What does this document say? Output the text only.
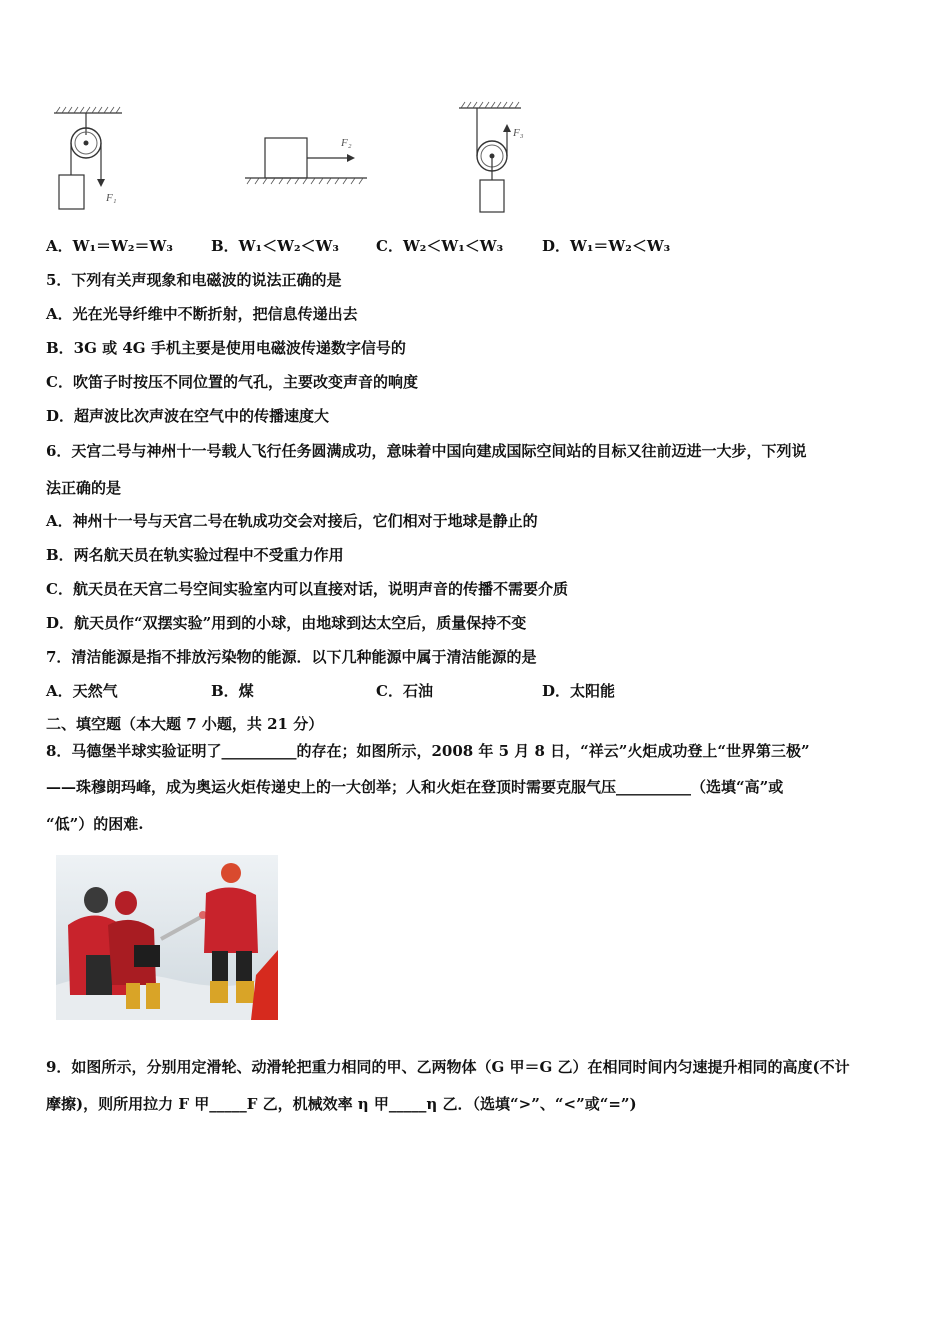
F₁
F₂
F₃
A．W₁＝W₂＝W₃	B．W₁＜W₂＜W₃ C．W₂＜W₁＜W₃	D．W₁＝W₂＜W₃
5．下列有关声现象和电磁波的说法正确的是
A．光在光导纤维中不断折射，把信息传递出去
B．3G 或 4G 手机主要是使用电磁波传递数字信号的
C．吹笛子时按压不同位置的气孔，主要改变声音的响度
D．超声波比次声波在空气中的传播速度大
6．天宫二号与神州十一号载人飞行任务圆满成功，意味着中国向建成国际空间站的目标又往前迈进一大步，下列说
法正确的是
A．神州十一号与天宫二号在轨成功交会对接后，它们相对于地球是静止的
B．两名航天员在轨实验过程中不受重力作用
C．航天员在天宫二号空间实验室内可以直接对话，说明声音的传播不需要介质
D．航天员作“双摆实验”用到的小球，由地球到达太空后，质量保持不变
7．清洁能源是指不排放污染物的能源．以下几种能源中属于清洁能源的是
A．天然气	B．煤	C．石油	D．太阳能
二、填空题（本大题 7 小题，共 21 分）
8．马德堡半球实验证明了__________的存在；如图所示，2008 年 5 月 8 日，“祥云”火炬成功登上“世界第三极”
——珠穆朗玛峰，成为奥运火炬传递史上的一大创举；人和火炬在登顶时需要克服气压__________（选填“高”或
“低”）的困难.
9．如图所示，分别用定滑轮、动滑轮把重力相同的甲、乙两物体（G 甲＝G 乙）在相同时间内匀速提升相同的高度(不计
摩擦)，则所用拉力 F 甲_____F 乙，机械效率 η 甲_____η 乙．（选填“>”、“<”或“=”)
